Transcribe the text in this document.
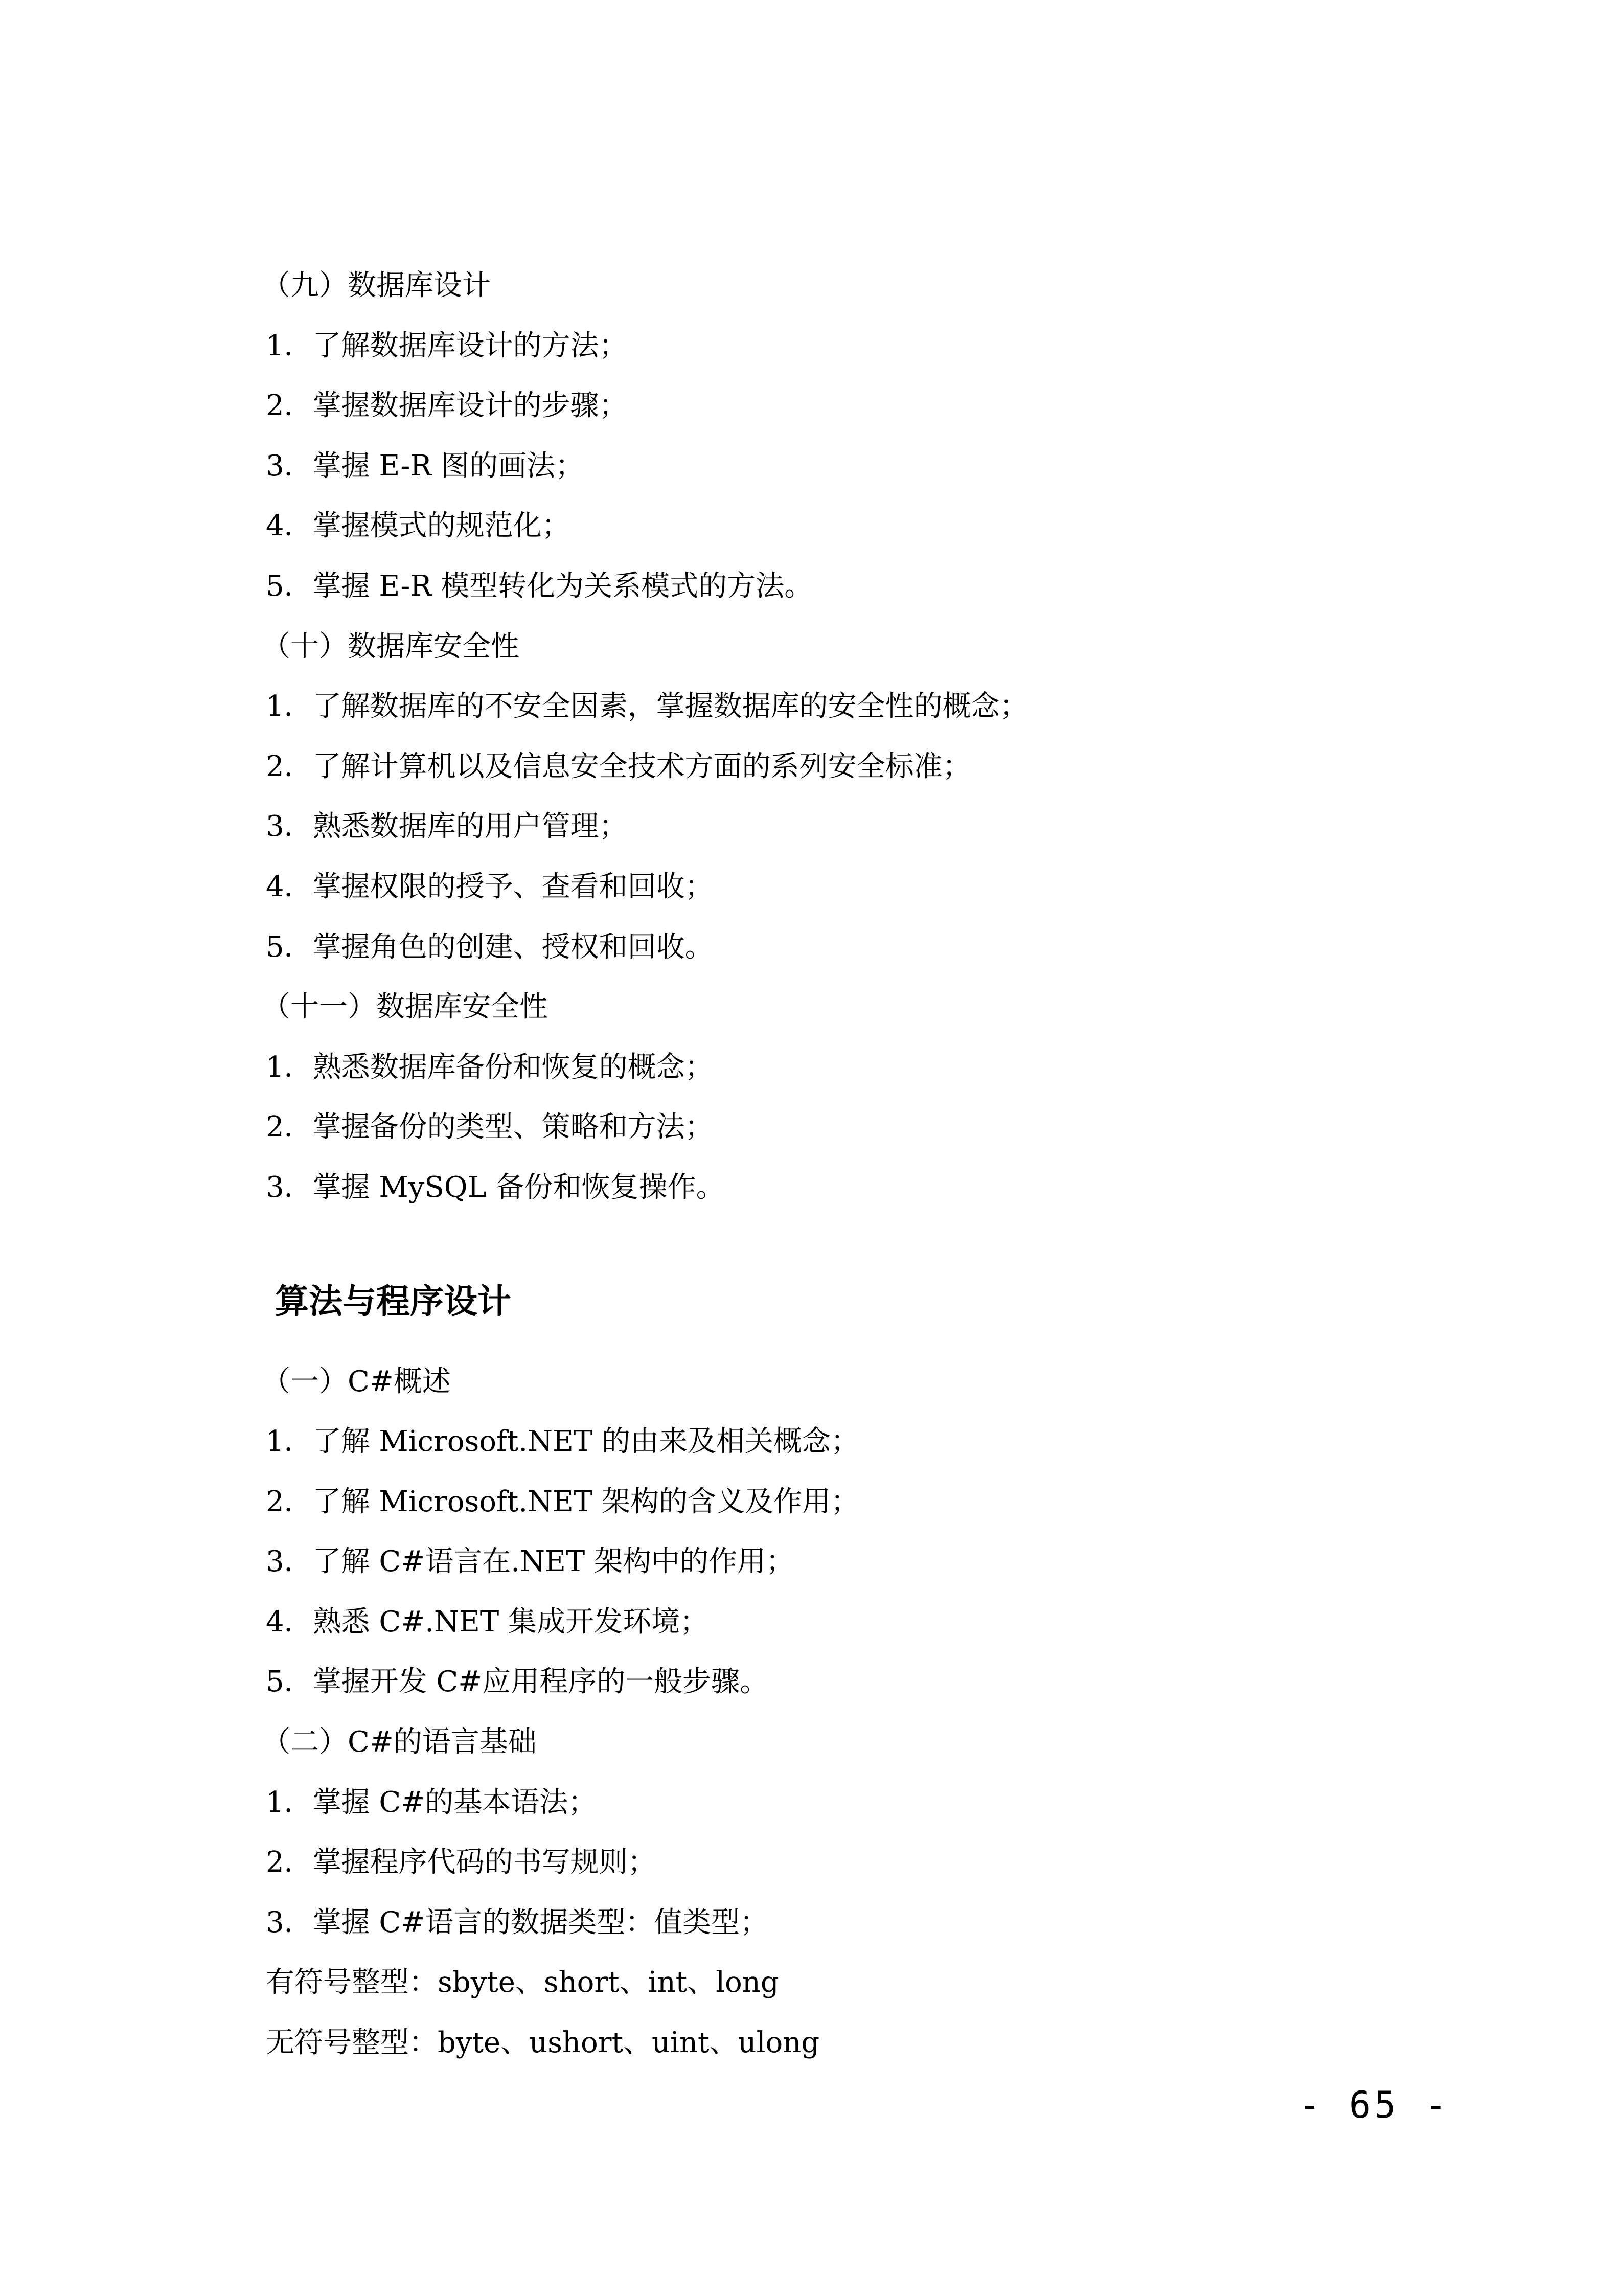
（九）数据库设计
1．了解数据库设计的方法；
2．掌握数据库设计的步骤；
3．掌握 E-R 图的画法；
4．掌握模式的规范化；
5．掌握 E-R 模型转化为关系模式的方法。
（十）数据库安全性
1．了解数据库的不安全因素，掌握数据库的安全性的概念；
2．了解计算机以及信息安全技术方面的系列安全标准；
3．熟悉数据库的用户管理；
4．掌握权限的授予、查看和回收；
5．掌握角色的创建、授权和回收。
（十一）数据库安全性
1．熟悉数据库备份和恢复的概念；
2．掌握备份的类型、策略和方法；
3．掌握 MySQL 备份和恢复操作。
算法与程序设计
（一）C#概述
1．了解 Microsoft.NET 的由来及相关概念；
2．了解 Microsoft.NET 架构的含义及作用；
3．了解 C#语言在.NET 架构中的作用；
4．熟悉 C#.NET 集成开发环境；
5．掌握开发 C#应用程序的一般步骤。
（二）C#的语言基础
1．掌握 C#的基本语法；
2．掌握程序代码的书写规则；
3．掌握 C#语言的数据类型：值类型；
有符号整型：sbyte、short、int、long
无符号整型：byte、ushort、uint、ulong
- 65 -
